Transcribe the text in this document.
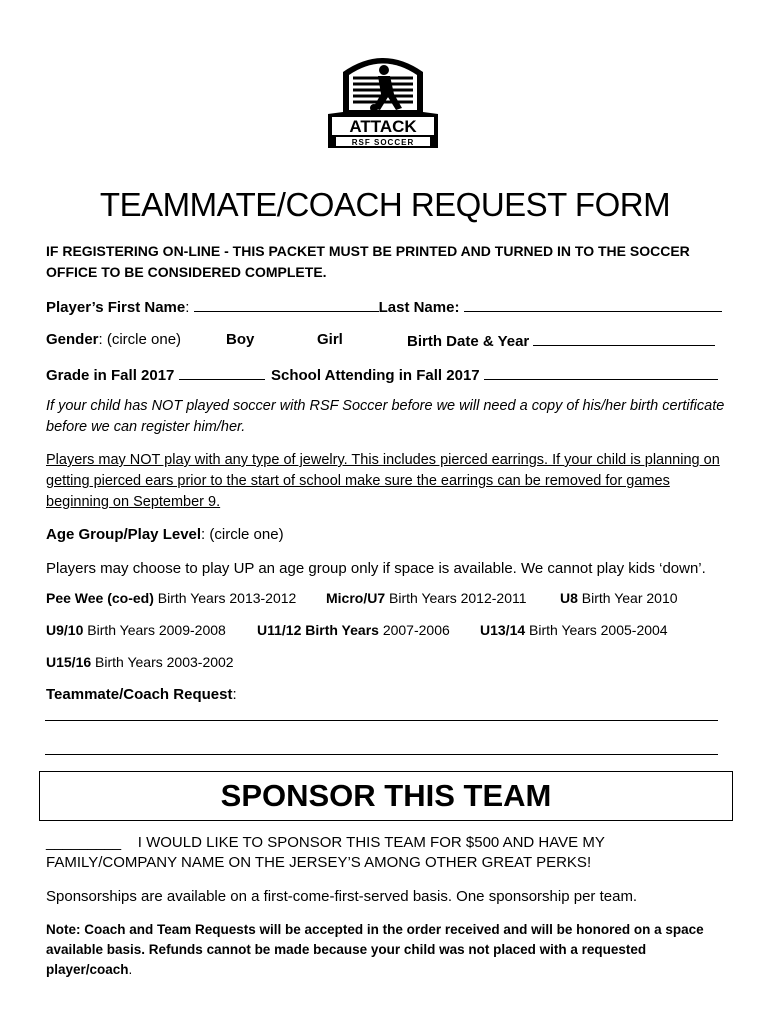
ATTACK
RSF SOCCER
TEAMMATE/COACH REQUEST FORM
IF REGISTERING ON-LINE - THIS PACKET MUST BE PRINTED AND TURNED IN TO THE SOCCER OFFICE TO BE CONSIDERED COMPLETE.
Player’s First Name:	Last Name:
Gender: (circle one)	Boy	Girl	Birth Date & Year
Grade in Fall 2017	School Attending in Fall 2017
If your child has NOT played soccer with RSF Soccer before we will need a copy of his/her birth certificate before we can register him/her.
Players may NOT play with any type of jewelry. This includes pierced earrings. If your child is planning on getting pierced ears prior to the start of school make sure the earrings can be removed for games beginning on September 9.
Age Group/Play Level: (circle one)
Players may choose to play UP an age group only if space is available. We cannot play kids ‘down’.
Pee Wee (co-ed) Birth Years 2013-2012 Micro/U7 Birth Years 2012-2011 U8 Birth Year 2010
U9/10 Birth Years 2009-2008 U11/12 Birth Years 2007-2006 U13/14 Birth Years 2005-2004
U15/16 Birth Years 2003-2002
Teammate/Coach Request:
SPONSOR THIS TEAM
_________ I WOULD LIKE TO SPONSOR THIS TEAM FOR $500 AND HAVE MY
FAMILY/COMPANY NAME ON THE JERSEY’S AMONG OTHER GREAT PERKS!
Sponsorships are available on a first-come-first-served basis. One sponsorship per team.
Note: Coach and Team Requests will be accepted in the order received and will be honored on a space available basis. Refunds cannot be made because your child was not placed with a requested player/coach.
